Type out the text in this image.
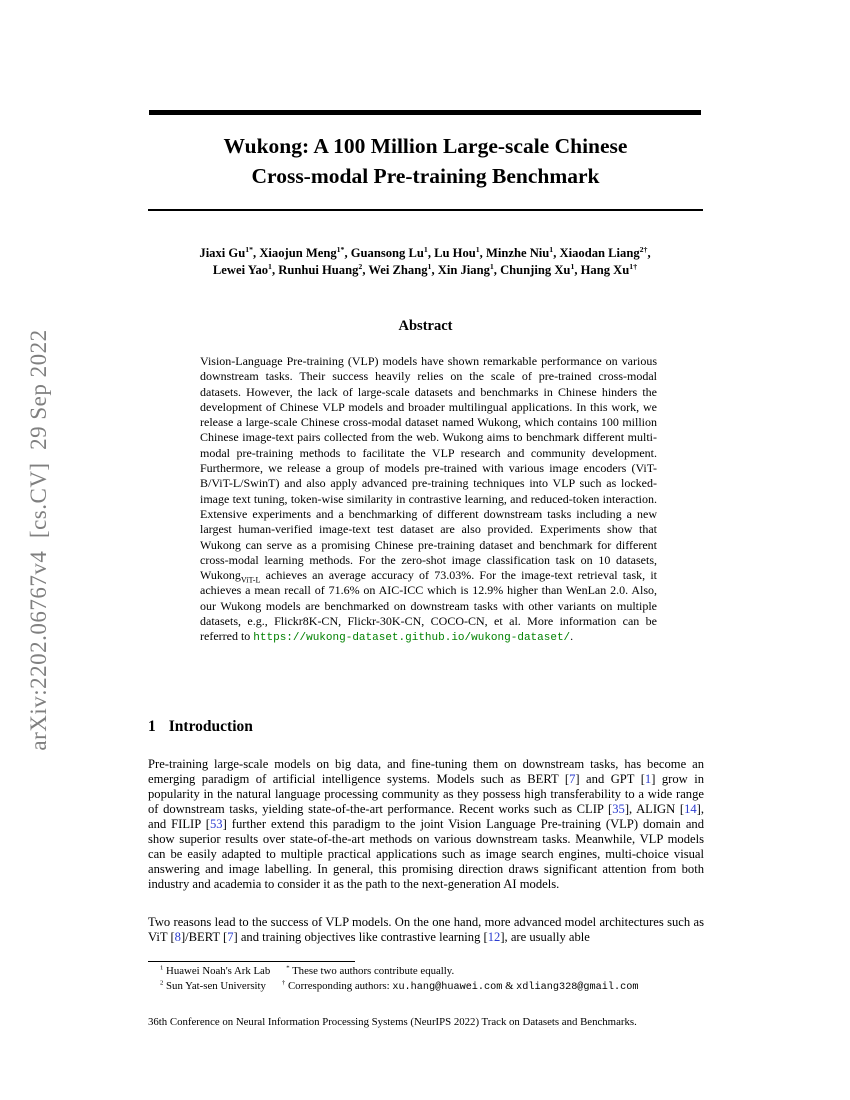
arXiv:2202.06767v4  [cs.CV]  29 Sep 2022
Wukong: A 100 Million Large-scale Chinese
Cross-modal Pre-training Benchmark
Jiaxi $Gu^{1*}$, Xiaojun Meng$^{1*}$, Guansong Lu$^1$, Lu Hou$^1$, Minzhe Niu$^1$, Xiaodan Liang$^{2\dagger}$,
Lewei Yao$^1$, Runhui Huang$^2$, Wei Zhang$^1$, Xin Jiang$^1$, Chunjing Xu$^1$, Hang $Xu^{1\dagger}$
Abstract

Vision-Language Pre-training (VLP) models have shown remarkable performance on various downstream tasks. Their success heavily relies on the scale of pre-trained cross-modal datasets. However, the lack of large-scale datasets and benchmarks in Chinese hinders the development of Chinese VLP models and broader multilingual applications. In this work, we release a large-scale Chinese cross-modal dataset named Wukong, which contains 100 million Chinese image-text pairs collected from the web. Wukong aims to benchmark different multi-modal pre-training methods to facilitate the VLP research and community development. Furthermore, we release a group of models pre-trained with various image encoders (ViT-B/ViT-L/SwinT) and also apply advanced pre-training techniques into VLP such as locked-image text tuning, token-wise similarity in contrastive learning, and reduced-token interaction. Extensive experiments and a benchmarking of different downstream tasks including a new largest human-verified image-text test dataset are also provided. Experiments show that Wukong can serve as a promising Chinese pre-training dataset and benchmark for different cross-modal learning methods. For the zero-shot image classification task on 10 datasets, Wukong$_{ViT-L}$ achieves an average accuracy of 73.03%. For the image-text retrieval task, it achieves a mean recall of 71.6% on AIC-ICC which is 12.9% higher than WenLan 2.0. Also, our Wukong models are benchmarked on downstream tasks with other variants on multiple datasets, e.g., Flickr8K-CN, Flickr-30K-CN, COCO-CN, et al. More information can be referred to https://wukong-dataset.github.io/wukong-dataset/.

1 Introduction

Pre-training large-scale models on big data, and fine-tuning them on downstream tasks, has become an emerging paradigm of artificial intelligence systems. Models such as BERT [7] and GPT [1] grow in popularity in the natural language processing community as they possess high transferability to a wide range of downstream tasks, yielding state-of-the-art performance. Recent works such as CLIP [35], ALIGN [14], and FILIP [53] further extend this paradigm to the joint Vision Language Pre-training (VLP) domain and show superior results over state-of-the-art methods on various downstream tasks. Meanwhile, VLP models can be easily adapted to multiple practical applications such as image search engines, multi-choice visual answering and image labelling. In general, this promising direction draws significant attention from both industry and academia to consider it as the path to the next-generation AI models.

Two reasons lead to the success of VLP models. On the one hand, more advanced model architectures such as ViT [8]/BERT [7] and training objectives like contrastive learning [12], are usually able

$^1$ Huawei Noah's Ark Lab * These two authors contribute equally.
$^2$ Sun Yat-sen University † Corresponding authors: xu.hang@huawei.com & xdliang328@gmail.com
36th Conference on Neural Information Processing Systems (NeurIPS 2022) Track on Datasets and Benchmarks.
